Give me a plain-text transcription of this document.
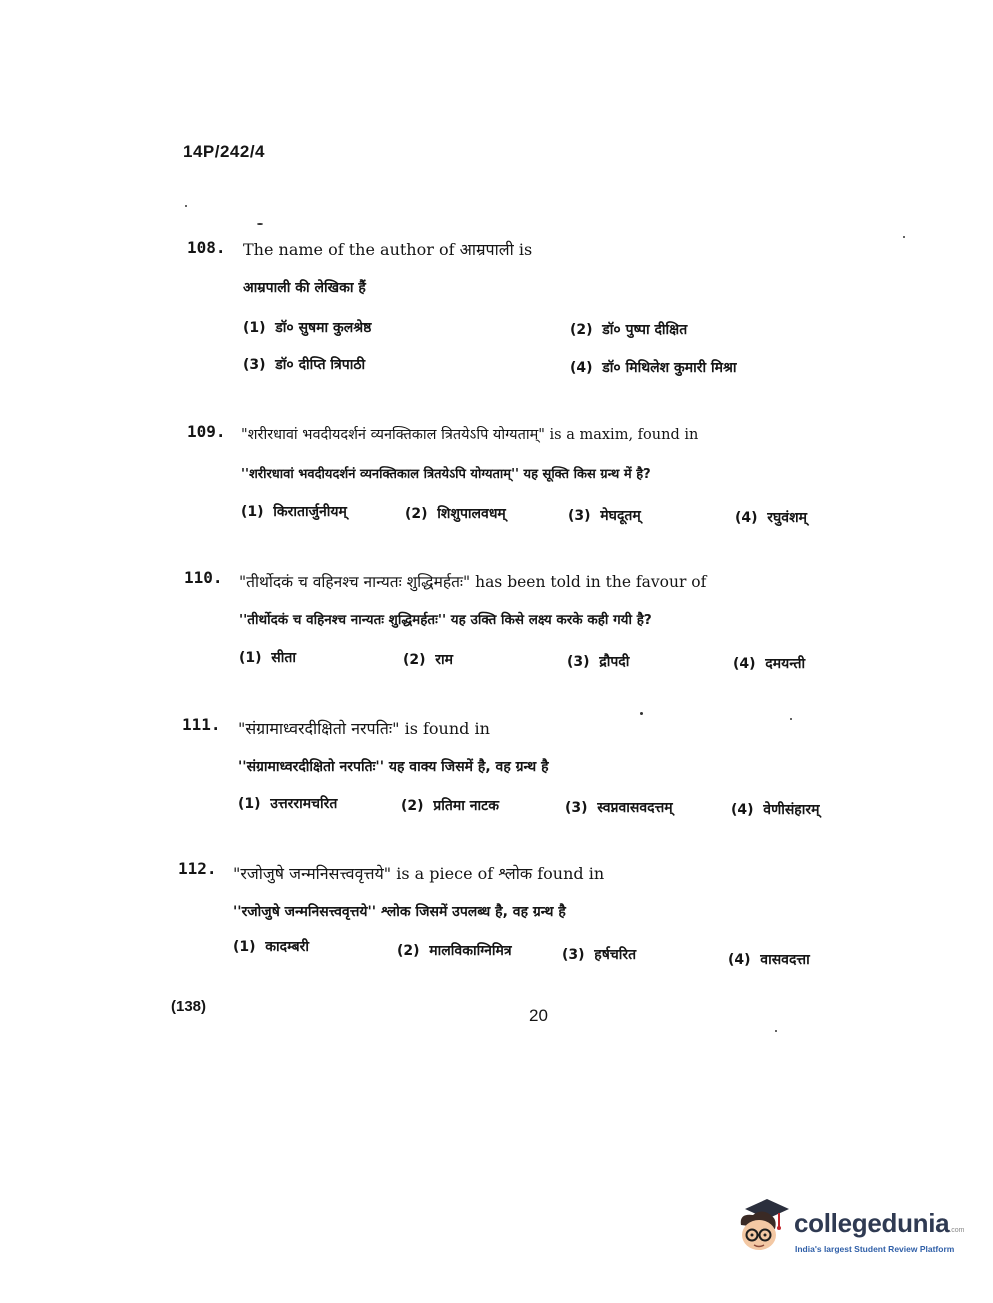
14P/242/4
108. The name of the author of आम्रपाली is
आम्रपाली की लेखिका हैं
(1) डॉ० सुषमा कुलश्रेष्ठ	(2) डॉ० पुष्पा दीक्षित
(3) डॉ० दीप्ति त्रिपाठी	(4) डॉ० मिथिलेश कुमारी मिश्रा
109. "शरीरधावां भवदीयदर्शनं व्यनक्तिकाल त्रितयेऽपि योग्यताम्" is a maxim, found in
''शरीरधावां भवदीयदर्शनं व्यनक्तिकाल त्रितयेऽपि योग्यताम्'' यह सूक्ति किस ग्रन्थ में है?
(1) किरातार्जुनीयम्	(2) शिशुपालवधम्	(3) मेघदूतम्	(4) रघुवंशम्
110. "तीर्थोदकं च वहिनश्च नान्यतः शुद्धिमर्हतः" has been told in the favour of
''तीर्थोदकं च वहिनश्च नान्यतः शुद्धिमर्हतः'' यह उक्ति किसे लक्ष्य करके कही गयी है?
(1) सीता	(2) राम	(3) द्रौपदी	(4) दमयन्ती
111. "संग्रामाध्वरदीक्षितो नरपतिः" is found in
''संग्रामाध्वरदीक्षितो नरपतिः'' यह वाक्य जिसमें है, वह ग्रन्थ है
(1) उत्तररामचरित	(2) प्रतिमा नाटक	(3) स्वप्नवासवदत्तम्	(4) वेणीसंहारम्
112. "रजोजुषे जन्मनिसत्त्ववृत्तये" is a piece of श्लोक found in
''रजोजुषे जन्मनिसत्त्ववृत्तये'' श्लोक जिसमें उपलब्ध है, वह ग्रन्थ है
(1) कादम्बरी	(2) मालविकाग्निमित्र	(3) हर्षचरित	(4) वासवदत्ता
(138)	20
collegedunia.com
India's largest Student Review Platform
